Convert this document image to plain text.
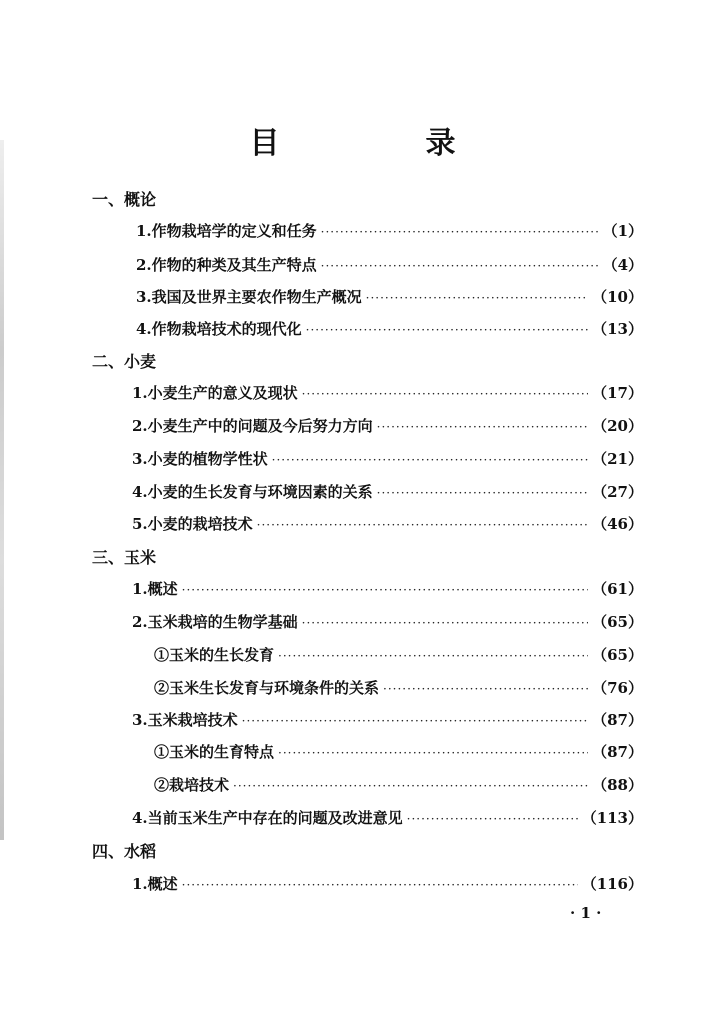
目　录
一、概论
1.作物栽培学的定义和任务 ·····	（1）
2.作物的种类及其生产特点 ·····	（4）
3.我国及世界主要农作物生产概况 ·····	（10）
4.作物栽培技术的现代化 ·····	（13）
二、小麦
1.小麦生产的意义及现状 ·····	（17）
2.小麦生产中的问题及今后努力方向 ·····	（20）
3.小麦的植物学性状 ·····	（21）
4.小麦的生长发育与环境因素的关系 ·····	（27）
5.小麦的栽培技术 ·····	（46）
三、玉米
1.概述 ·····	（61）
2.玉米栽培的生物学基础 ·····	（65）
①玉米的生长发育 ·····	（65）
②玉米生长发育与环境条件的关系 ·····	（76）
3.玉米栽培技术 ·····	（87）
①玉米的生育特点 ·····	（87）
②栽培技术 ·····	（88）
4.当前玉米生产中存在的问题及改进意见 ·····	（113）
四、水稻
1.概述 ·····	（116）
· 1 ·
